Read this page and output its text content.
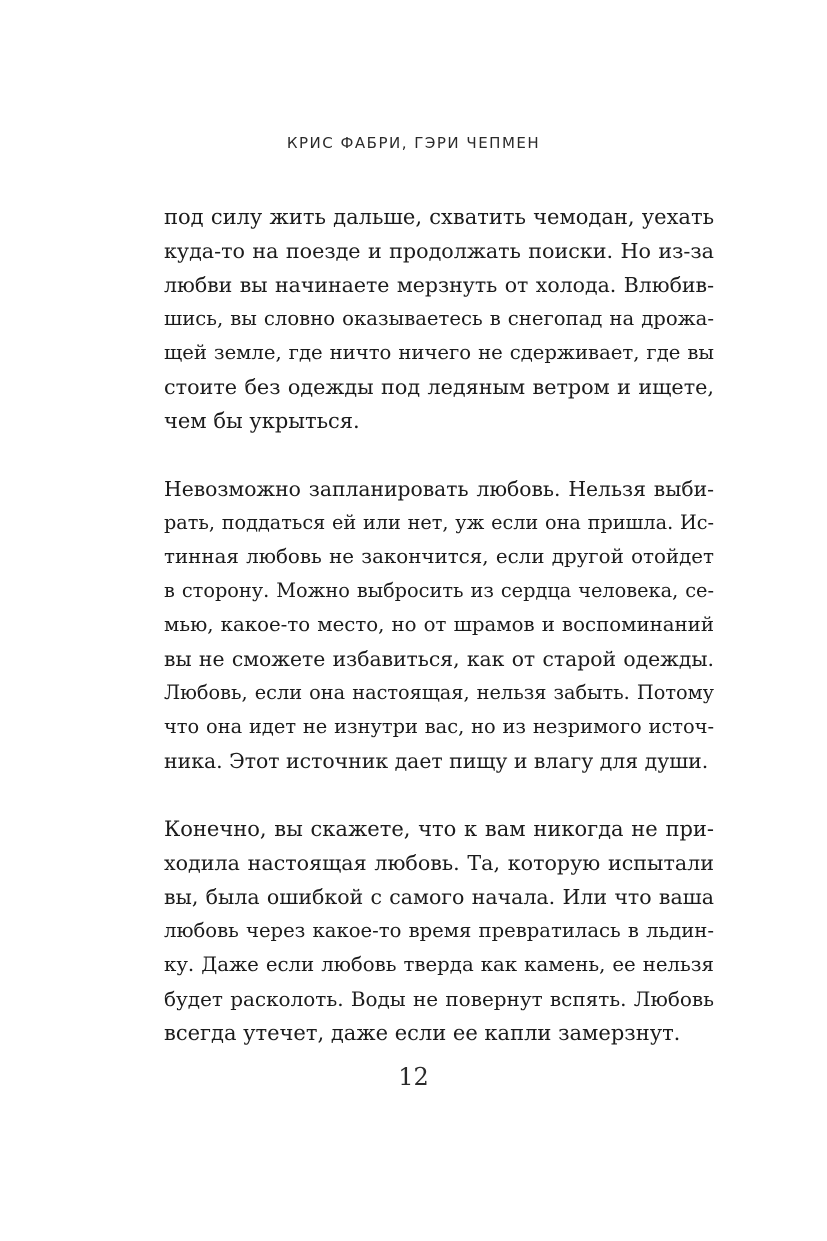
КРИС ФАБРИ, ГЭРИ ЧЕПМЕН

под силу жить дальше, схватить чемодан, уехать
куда-то на поезде и продолжать поиски. Но из-за
любви вы начинаете мерзнуть от холода. Влюбив-
шись, вы словно оказываетесь в снегопад на дрожа-
щей земле, где ничто ничего не сдерживает, где вы
стоите без одежды под ледяным ветром и ищете,
чем бы укрыться.

Невозможно запланировать любовь. Нельзя выби-
рать, поддаться ей или нет, уж если она пришла. Ис-
тинная любовь не закончится, если другой отойдет
в сторону. Можно выбросить из сердца человека, се-
мью, какое-то место, но от шрамов и воспоминаний
вы не сможете избавиться, как от старой одежды.
Любовь, если она настоящая, нельзя забыть. Потому
что она идет не изнутри вас, но из незримого источ-
ника. Этот источник дает пищу и влагу для души.

Конечно, вы скажете, что к вам никогда не при-
ходила настоящая любовь. Та, которую испытали
вы, была ошибкой с самого начала. Или что ваша
любовь через какое-то время превратилась в льдин-
ку. Даже если любовь тверда как камень, ее нельзя
будет расколоть. Воды не повернут вспять. Любовь
всегда утечет, даже если ее капли замерзнут.

12
